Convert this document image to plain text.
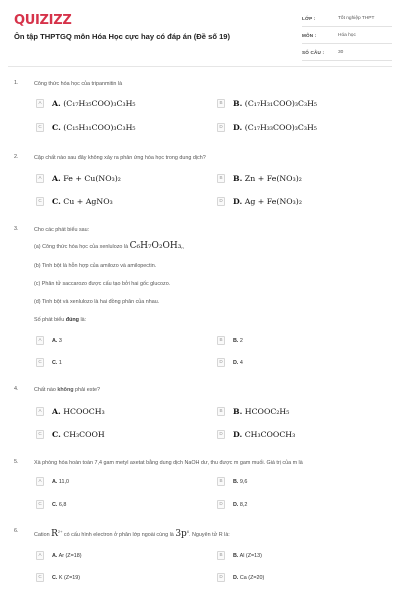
QUIZIZZ
Ôn tập THPTGQ môn Hóa Học cực hay có đáp án (Đề số 19)
LỚP :	Tốt nghiệp THPT
MÔN :	Hóa học
SỐ CÂU :	30
1.	Công thức hóa học của tripanmitin là
A	A. (C₁₇H₃₅COO)₃C₃H₅	B	B. (C₁₇H₃₁COO)₃C₃H₅
C	C. (C₁₅H₃₁COO)₃C₃H₅	D	D. (C₁₇H₃₃COO)₃C₃H₅
2.	Cặp chất nào sau đây không xảy ra phản ứng hóa học trong dung dịch?
A	A. Fe + Cu(NO₃)₂	B	B. Zn + Fe(NO₃)₂
C	C. Cu + AgNO₃	D	D. Ag + Fe(NO₃)₂
3.	Cho các phát biểu sau:
(a) Công thức hóa học của xenlulozo là $C_6H_7O_2OH_3_n$
(b) Tinh bột là hỗn hợp của amilozo và amilopectin.
(c) Phân tử saccarozo được cấu tạo bởi hai gốc glucozo.
(d) Tinh bột và xenlulozo là hai đồng phân của nhau.
Số phát biểu đúng là:
A	A. 3	B	B. 2
C	C. 1	D	D. 4
4.	Chất nào không phải este?
A	A. HCOOCH₃	B	B. HCOOC₂H₅
C	C. CH₃COOH	D	D. CH₃COOCH₃
5.	Xà phòng hóa hoàn toàn 7,4 gam metyl axetat bằng dung dịch NaOH dư, thu được m gam muối. Giá trị của m là
A	A. 11,0	B	B. 9,6
C	C. 6,8	D	D. 8,2
6.
Cation $R^{2+}$ có cấu hình electron ở phân lớp ngoài cùng là $3p^6$. Nguyên tử R là:
A	A. Ar (Z=18)	B	B. Al (Z=13)
C	C. K (Z=19)	D	D. Ca (Z=20)
